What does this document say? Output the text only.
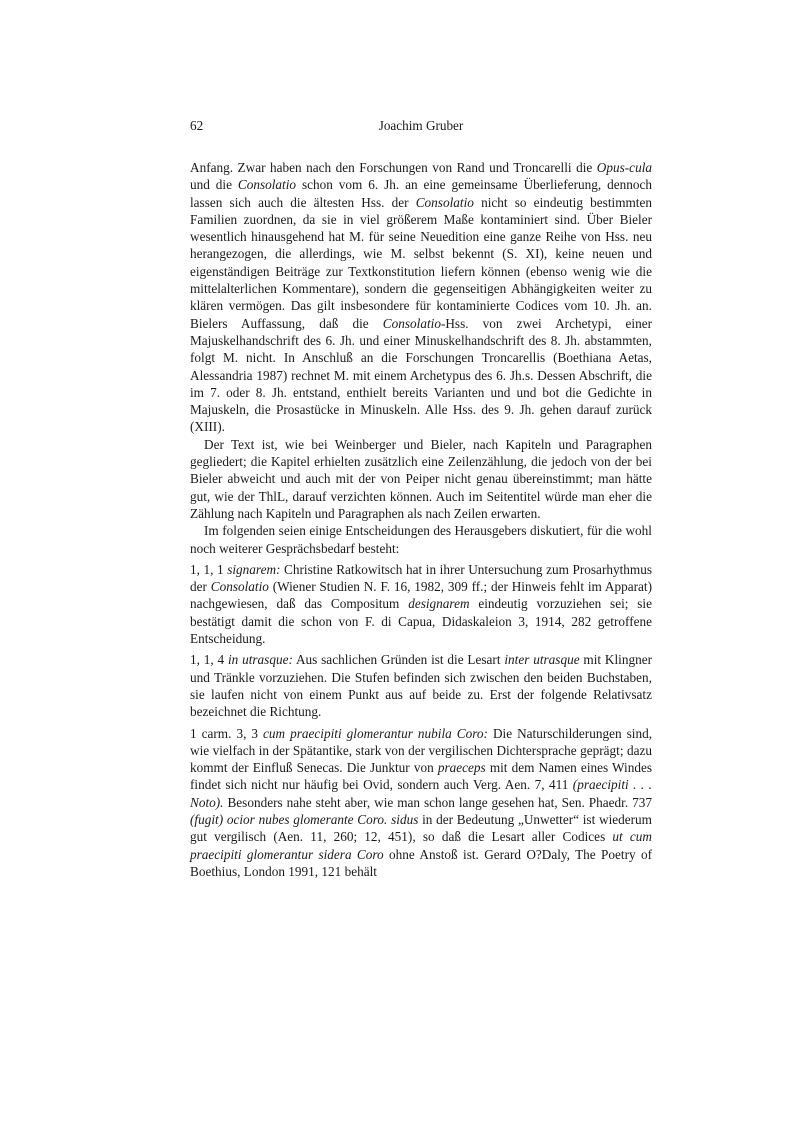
62	Joachim Gruber

Anfang. Zwar haben nach den Forschungen von Rand und Troncarelli die Opus-cula und die Consolatio schon vom 6. Jh. an eine gemeinsame Überlieferung, dennoch lassen sich auch die ältesten Hss. der Consolatio nicht so eindeutig bestimmten Familien zuordnen, da sie in viel größerem Maße kontaminiert sind. Über Bieler wesentlich hinausgehend hat M. für seine Neuedition eine ganze Reihe von Hss. neu herangezogen, die allerdings, wie M. selbst bekennt (S. XI), keine neuen und eigenständigen Beiträge zur Textkonstitution liefern können (ebenso wenig wie die mittelalterlichen Kommentare), sondern die gegenseitigen Abhängigkeiten weiter zu klären vermögen. Das gilt insbesondere für kontaminierte Codices vom 10. Jh. an. Bielers Auffassung, daß die Consolatio-Hss. von zwei Archetypi, einer Majuskelhandschrift des 6. Jh. und einer Minuskelhandschrift des 8. Jh. abstammten, folgt M. nicht. In Anschluß an die Forschungen Troncarellis (Boethiana Aetas, Alessandria 1987) rechnet M. mit einem Archetypus des 6. Jh.s. Dessen Abschrift, die im 7. oder 8. Jh. entstand, enthielt bereits Varianten und und bot die Gedichte in Majuskeln, die Prosastücke in Minuskeln. Alle Hss. des 9. Jh. gehen darauf zurück (XIII).

Der Text ist, wie bei Weinberger und Bieler, nach Kapiteln und Paragraphen gegliedert; die Kapitel erhielten zusätzlich eine Zeilenzählung, die jedoch von der bei Bieler abweicht und auch mit der von Peiper nicht genau übereinstimmt; man hätte gut, wie der ThlL, darauf verzichten können. Auch im Seitentitel würde man eher die Zählung nach Kapiteln und Paragraphen als nach Zeilen erwarten.

Im folgenden seien einige Entscheidungen des Herausgebers diskutiert, für die wohl noch weiterer Gesprächsbedarf besteht:

1, 1, 1 signarem: Christine Ratkowitsch hat in ihrer Untersuchung zum Prosarhythmus der Consolatio (Wiener Studien N. F. 16, 1982, 309 ff.; der Hinweis fehlt im Apparat) nachgewiesen, daß das Compositum designarem eindeutig vorzuziehen sei; sie bestätigt damit die schon von F. di Capua, Didaskaleion 3, 1914, 282 getroffene Entscheidung.

1, 1, 4 in utrasque: Aus sachlichen Gründen ist die Lesart inter utrasque mit Klingner und Tränkle vorzuziehen. Die Stufen befinden sich zwischen den beiden Buchstaben, sie laufen nicht von einem Punkt aus auf beide zu. Erst der folgende Relativsatz bezeichnet die Richtung.

1 carm. 3, 3 cum praecipiti glomerantur nubila Coro: Die Naturschilderungen sind, wie vielfach in der Spätantike, stark von der vergilischen Dichtersprache geprägt; dazu kommt der Einfluß Senecas. Die Junktur von praeceps mit dem Namen eines Windes findet sich nicht nur häufig bei Ovid, sondern auch Verg. Aen. 7, 411 (praecipiti . . . Noto). Besonders nahe steht aber, wie man schon lange gesehen hat, Sen. Phaedr. 737 (fugit) ocior nubes glomerante Coro. sidus in der Bedeutung „Unwetter“ ist wiederum gut vergilisch (Aen. 11, 260; 12, 451), so daß die Lesart aller Codices ut cum praecipiti glomerantur sidera Coro ohne Anstoß ist. Gerard O?Daly, The Poetry of Boethius, London 1991, 121 behält
